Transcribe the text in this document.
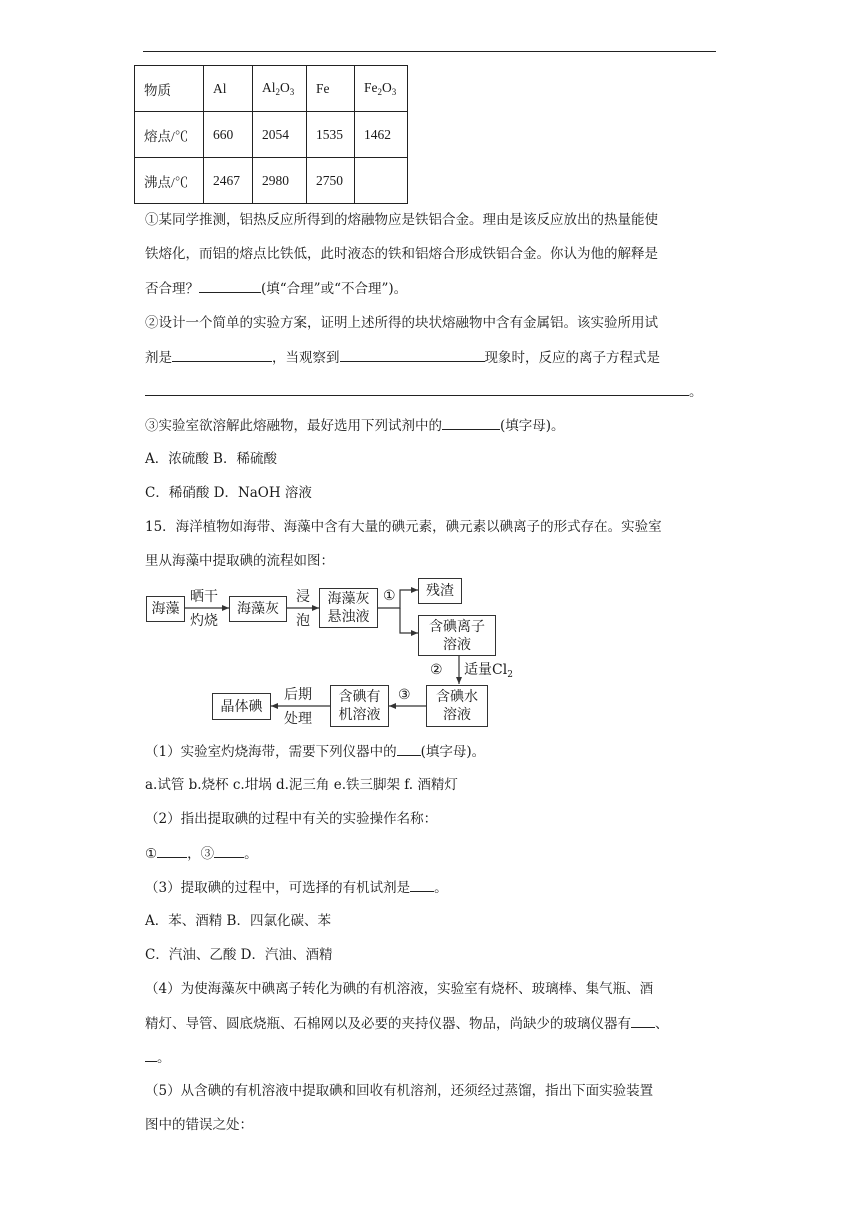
物质	Al	$Al_2O_3$	Fe	$Fe_2O_3$
熔点/℃	660	2054	1535	1462
沸点/℃	2467	2980	2750	
①某同学推测，铝热反应所得到的熔融物应是铁铝合金。理由是该反应放出的热量能使
铁熔化，而铝的熔点比铁低，此时液态的铁和铝熔合形成铁铝合金。你认为他的解释是
否合理？	(填“合理”或“不合理”)。
②设计一个简单的实验方案，证明上述所得的块状熔融物中含有金属铝。该实验所用试
剂是	，当观察到	现象时，反应的离子方程式是
。
③实验室欲溶解此熔融物，最好选用下列试剂中的	(填字母)。
A．浓硫酸 B．稀硫酸
C．稀硝酸 D．NaOH 溶液
15．海洋植物如海带、海藻中含有大量的碘元素，碘元素以碘离子的形式存在。实验室
里从海藻中提取碘的流程如图：
海藻
晒干
灼烧
海藻灰
浸
泡
海藻灰
悬浊液
①	残渣
含碘离子
溶液
② 适量$Cl_2$
含碘水
溶液
③
含碘有
机溶液
后期
处理
晶体碘
（1）实验室灼烧海带，需要下列仪器中的 (填字母)。
a.试管 b.烧杯 c.坩埚 d.泥三角 e.铁三脚架 f. 酒精灯
（2）指出提取碘的过程中有关的实验操作名称：
① ，③ 。
（3）提取碘的过程中，可选择的有机试剂是 。
A．苯、酒精 B．四氯化碳、苯
C．汽油、乙酸 D．汽油、酒精
（4）为使海藻灰中碘离子转化为碘的有机溶液，实验室有烧杯、玻璃棒、集气瓶、酒
精灯、导管、圆底烧瓶、石棉网以及必要的夹持仪器、物品，尚缺少的玻璃仪器有 、
。
（5）从含碘的有机溶液中提取碘和回收有机溶剂，还须经过蒸馏，指出下面实验装置
图中的错误之处：
